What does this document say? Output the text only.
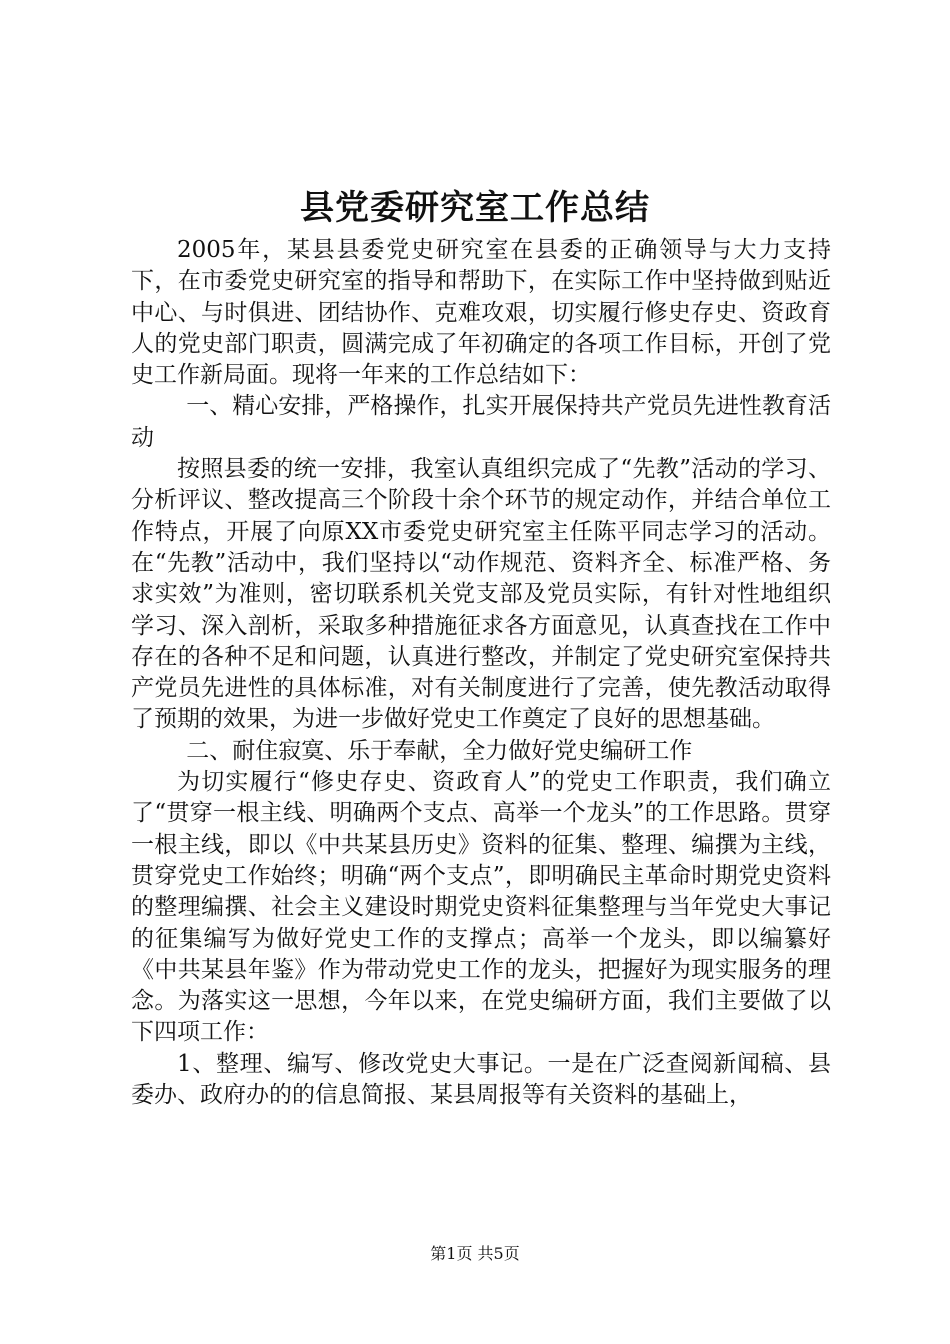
县党委研究室工作总结

2005年，某县县委党史研究室在县委的正确领导与大力支持下，在市委党史研究室的指导和帮助下，在实际工作中坚持做到贴近中心、与时俱进、团结协作、克难攻艰，切实履行修史存史、资政育人的党史部门职责，圆满完成了年初确定的各项工作目标，开创了党史工作新局面。现将一年来的工作总结如下：

一、精心安排，严格操作，扎实开展保持共产党员先进性教育活动

按照县委的统一安排，我室认真组织完成了“先教”活动的学习、分析评议、整改提高三个阶段十余个环节的规定动作，并结合单位工作特点，开展了向原XX市委党史研究室主任陈平同志学习的活动。在“先教”活动中，我们坚持以“动作规范、资料齐全、标准严格、务求实效”为准则，密切联系机关党支部及党员实际，有针对性地组织学习、深入剖析，采取多种措施征求各方面意见，认真查找在工作中存在的各种不足和问题，认真进行整改，并制定了党史研究室保持共产党员先进性的具体标准，对有关制度进行了完善，使先教活动取得了预期的效果，为进一步做好党史工作奠定了良好的思想基础。

二、耐住寂寞、乐于奉献，全力做好党史编研工作

为切实履行“修史存史、资政育人”的党史工作职责，我们确立了“贯穿一根主线、明确两个支点、高举一个龙头”的工作思路。贯穿一根主线，即以《中共某县历史》资料的征集、整理、编撰为主线，贯穿党史工作始终；明确“两个支点”，即明确民主革命时期党史资料的整理编撰、社会主义建设时期党史资料征集整理与当年党史大事记的征集编写为做好党史工作的支撑点；高举一个龙头，即以编纂好《中共某县年鉴》作为带动党史工作的龙头，把握好为现实服务的理念。为落实这一思想，今年以来，在党史编研方面，我们主要做了以下四项工作：

1、整理、编写、修改党史大事记。一是在广泛查阅新闻稿、县委办、政府办的的信息简报、某县周报等有关资料的基础上，

第1页 共5页
